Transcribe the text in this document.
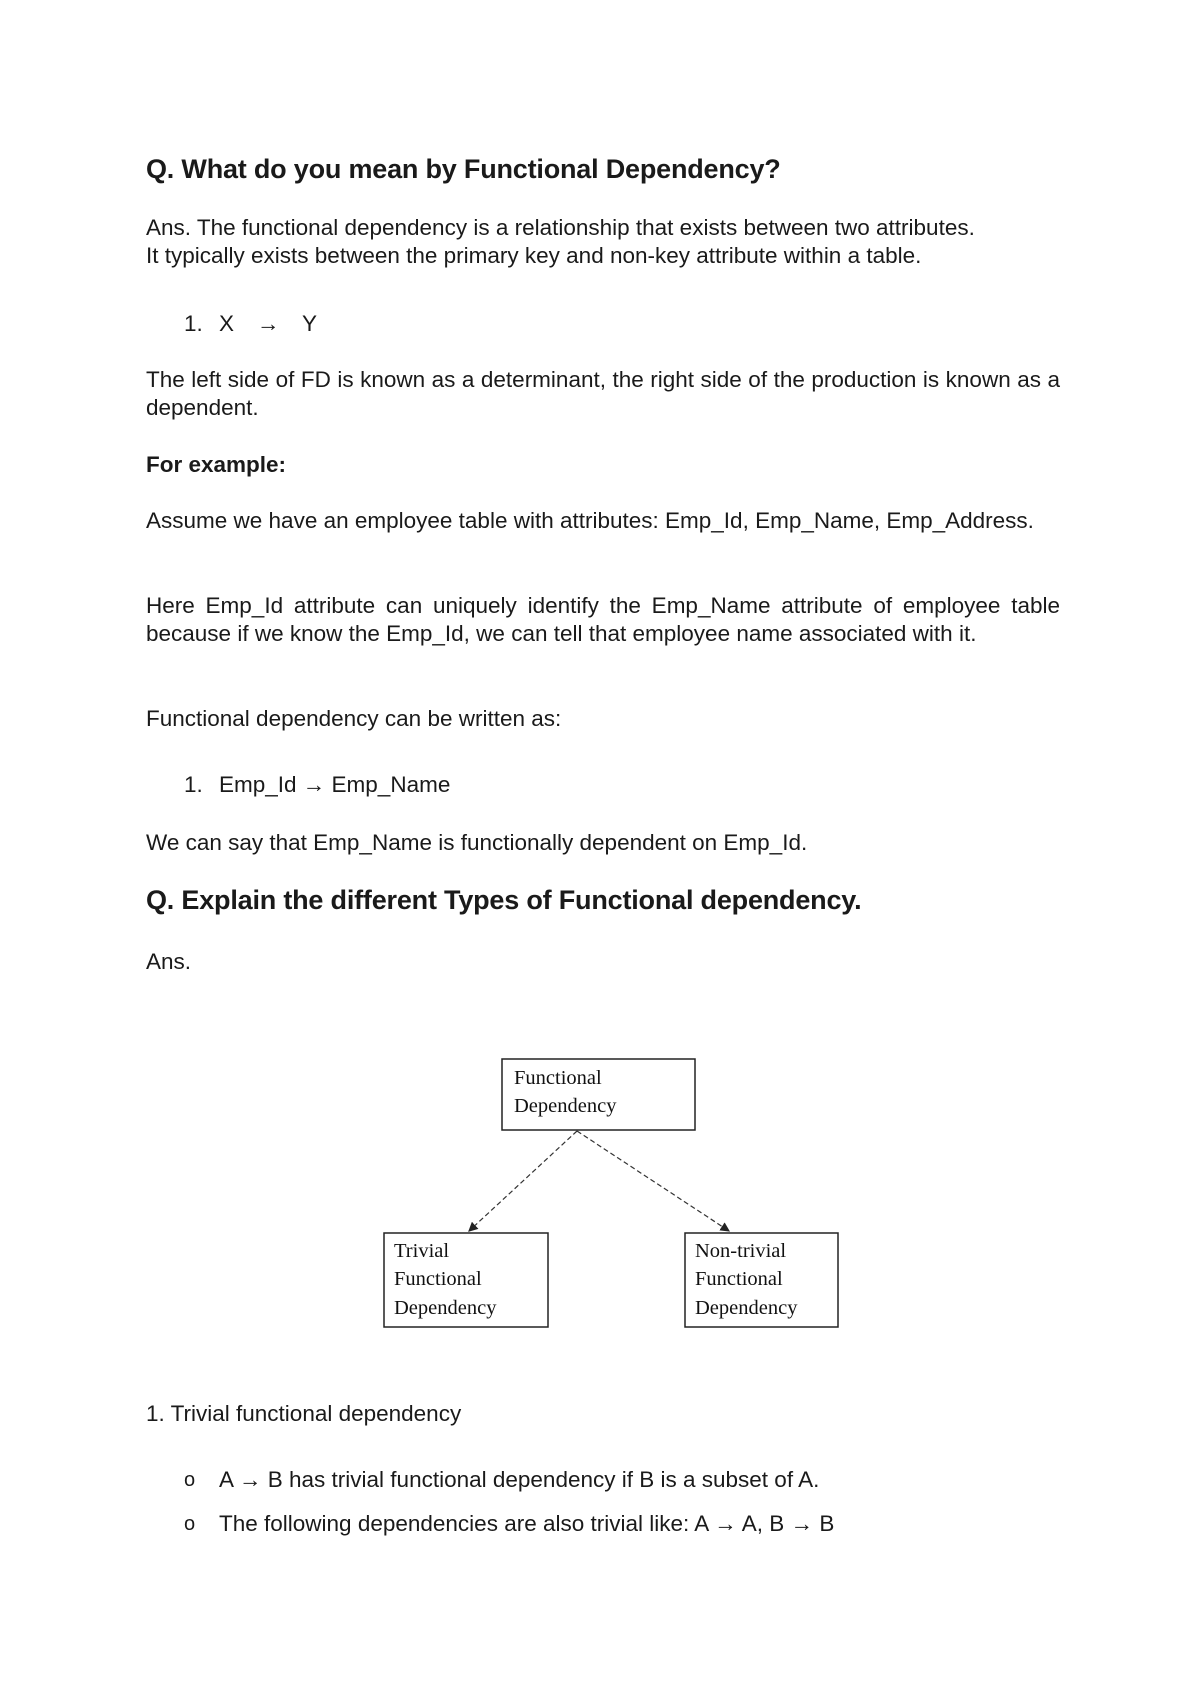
Q. What do you mean by Functional Dependency?

Ans. The functional dependency is a relationship that exists between two attributes.

It typically exists between the primary key and non-key attribute within a table.

1. X → Y

The left side of FD is known as a determinant, the right side of the production is known as a dependent.

For example:

Assume we have an employee table with attributes: Emp_Id, Emp_Name, Emp_Address.

Here Emp_Id attribute can uniquely identify the Emp_Name attribute of employee table because if we know the Emp_Id, we can tell that employee name associated with it.

Functional dependency can be written as:

1. Emp_Id → Emp_Name

We can say that Emp_Name is functionally dependent on Emp_Id.

Q. Explain the different Types of Functional dependency.

Ans.

Functional
Dependency
Trivial
Functional
Dependency
Non-trivial
Functional
Dependency

1. Trivial functional dependency

o A → B has trivial functional dependency if B is a subset of A.
o The following dependencies are also trivial like: A → A, B → B
